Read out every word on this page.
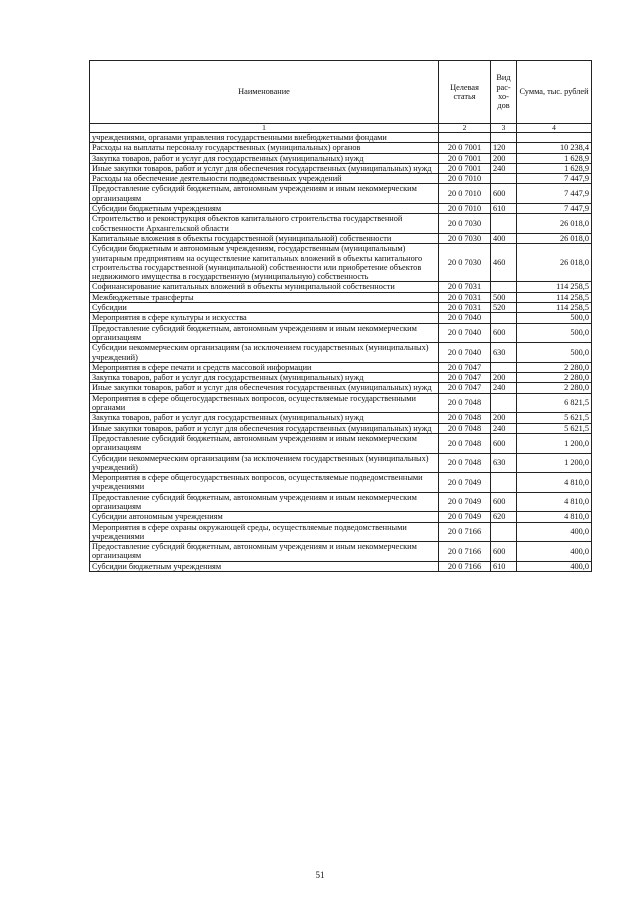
Наименование	Целевая статья	Вид рас-хо-дов	Сумма, тыс. рублей
1	2	3	4
учреждениями, органами управления государственными внебюджетными фондами			
Расходы на выплаты персоналу государственных (муниципальных) органов	20 0 7001	120	10 238,4
Закупка товаров, работ и услуг для государственных (муниципальных) нужд	20 0 7001	200	1 628,9
Иные закупки товаров, работ и услуг для обеспечения государственных (муниципальных) нужд	20 0 7001	240	1 628,9
Расходы на обеспечение деятельности подведомственных учреждений	20 0 7010		7 447,9
Предоставление субсидий бюджетным, автономным учреждениям и иным некоммерческим организациям	20 0 7010	600	7 447,9
Субсидии бюджетным учреждениям	20 0 7010	610	7 447,9
Строительство и реконструкция объектов капитального строительства государственной собственности Архангельской области	20 0 7030		26 018,0
Капитальные вложения в объекты государственной (муниципальной) собственности	20 0 7030	400	26 018,0
Субсидии бюджетным и автономным учреждениям, государственным (муниципальным) унитарным предприятиям на осуществление капитальных вложений в объекты капитального строительства государственной (муниципальной) собственности или приобретение объектов недвижимого имущества в государственную (муниципальную) собственность	20 0 7030	460	26 018,0
Софинансирование капитальных вложений в объекты муниципальной собственности	20 0 7031		114 258,5
Межбюджетные трансферты	20 0 7031	500	114 258,5
Субсидии	20 0 7031	520	114 258,5
Мероприятия в сфере культуры и искусства	20 0 7040		500,0
Предоставление субсидий бюджетным, автономным учреждениям и иным некоммерческим организациям	20 0 7040	600	500,0
Субсидии некоммерческим организациям (за исключением государственных (муниципальных) учреждений)	20 0 7040	630	500,0
Мероприятия в сфере печати и средств массовой информации	20 0 7047		2 280,0
Закупка товаров, работ и услуг для государственных (муниципальных) нужд	20 0 7047	200	2 280,0
Иные закупки товаров, работ и услуг для обеспечения государственных (муниципальных) нужд	20 0 7047	240	2 280,0
Мероприятия в сфере общегосударственных вопросов, осуществляемые государственными органами	20 0 7048		6 821,5
Закупка товаров, работ и услуг для государственных (муниципальных) нужд	20 0 7048	200	5 621,5
Иные закупки товаров, работ и услуг для обеспечения государственных (муниципальных) нужд	20 0 7048	240	5 621,5
Предоставление субсидий бюджетным, автономным учреждениям и иным некоммерческим организациям	20 0 7048	600	1 200,0
Субсидии некоммерческим организациям (за исключением государственных (муниципальных) учреждений)	20 0 7048	630	1 200,0
Мероприятия в сфере общегосударственных вопросов, осуществляемые подведомственными учреждениями	20 0 7049		4 810,0
Предоставление субсидий бюджетным, автономным учреждениям и иным некоммерческим организациям	20 0 7049	600	4 810,0
Субсидии автономным учреждениям	20 0 7049	620	4 810,0
Мероприятия в сфере охраны окружающей среды, осуществляемые подведомственными учреждениями	20 0 7166		400,0
Предоставление субсидий бюджетным, автономным учреждениям и иным некоммерческим организациям	20 0 7166	600	400,0
Субсидии бюджетным учреждениям	20 0 7166	610	400,0
51
